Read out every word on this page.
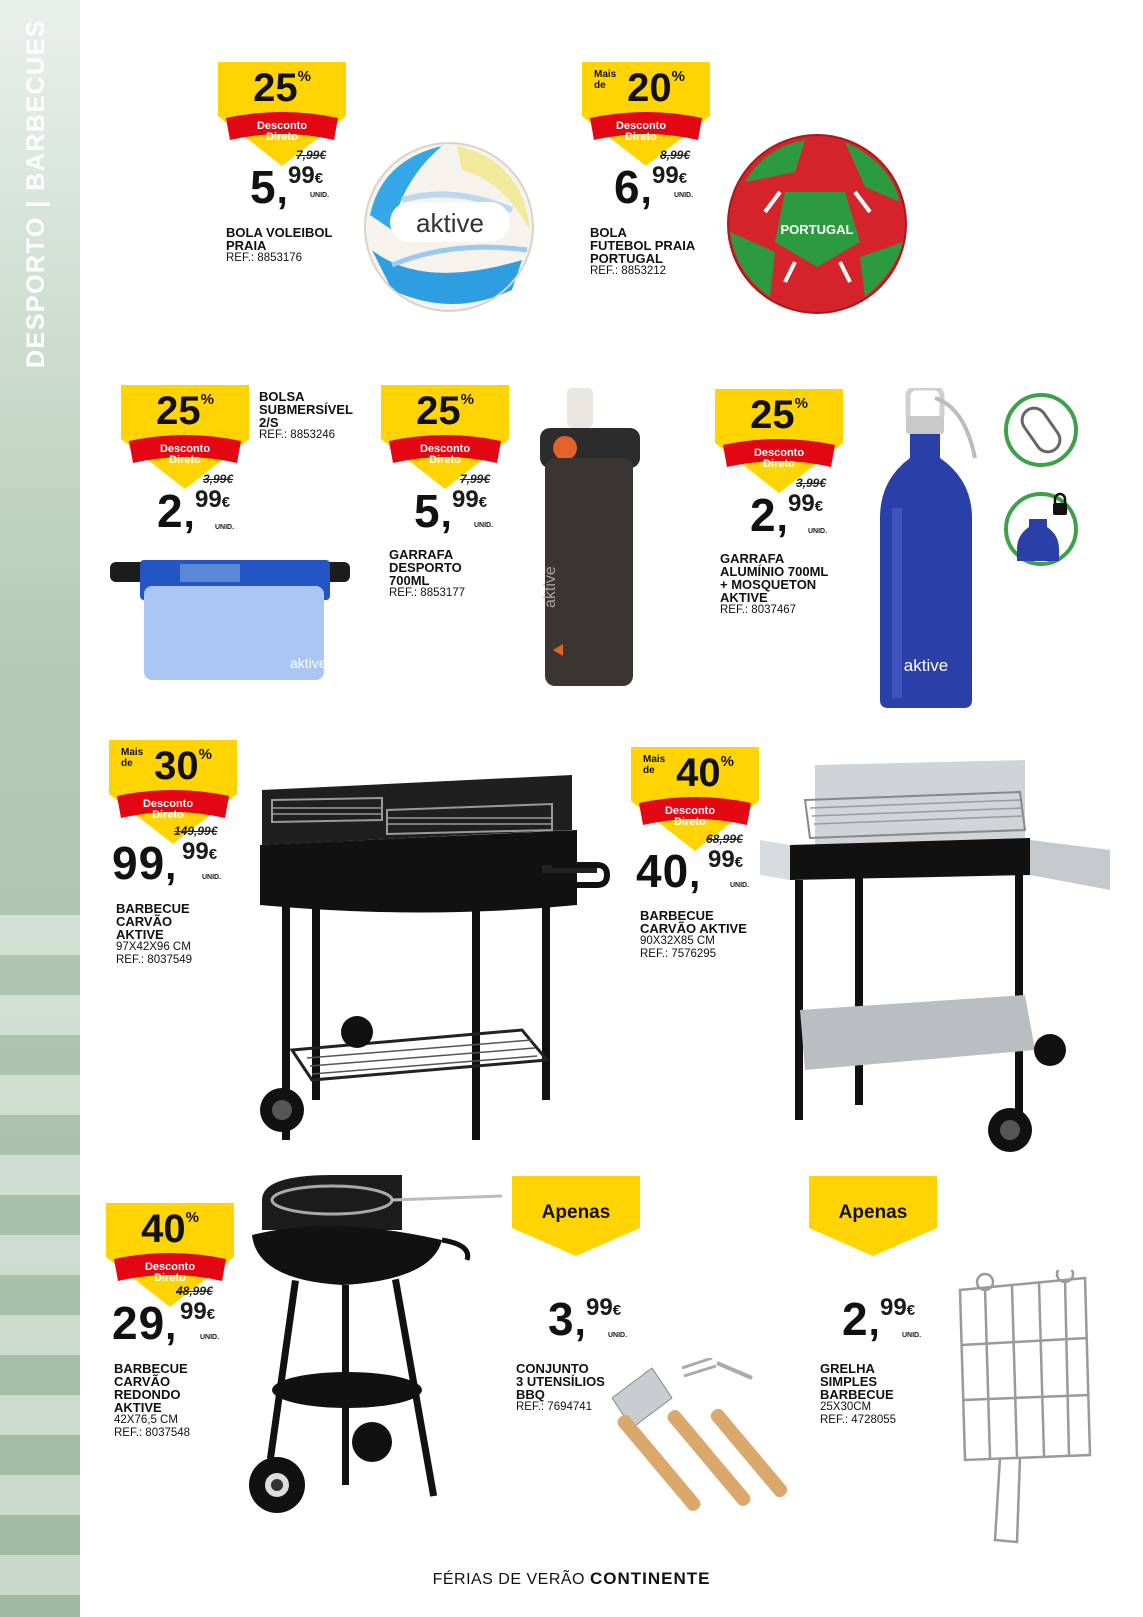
DESPORTO | BARBECUES	25%
Desconto
Direto
7,99€
5, 99€
UNID.
BOLA VOLEIBOL
PRAIA
REF.: 8853176
aktive
Mais
de 20%
Desconto
Direto
8,99€
6, 99€
UNID.
BOLA
FUTEBOL PRAIA
PORTUGAL
REF.: 8853212
PORTUGAL
25%
Desconto
Direto
BOLSA
SUBMERSÍVEL
2/S
REF.: 8853246
3,99€
2, 99€
UNID.
aktive
25%
Desconto
Direto
7,99€
5, 99€
UNID.
GARRAFA
DESPORTO
700ML
REF.: 8853177	aktive
25%
Desconto
Direto
3,99€
2, 99€
UNID.
GARRAFA
ALUMÍNIO 700ML
+ MOSQUETON
AKTIVE
REF.: 8037467
aktive
Mais
de 30%
Desconto
Direto
149,99€
99, 99€
UNID.
BARBECUE
CARVÃO
AKTIVE
97X42X96 CM
REF.: 8037549
Mais
de 40%
Desconto
Direto
68,99€
40, 99€
UNID.
BARBECUE
CARVÃO AKTIVE
90X32X85 CM
REF.: 7576295
40%
Desconto
Direto
48,99€
29, 99€
UNID.
BARBECUE
CARVÃO
REDONDO
AKTIVE
42X76,5 CM
REF.: 8037548
Apenas
3, 99€
UNID.
CONJUNTO
3 UTENSÍLIOS
BBQ
REF.: 7694741
Apenas
2, 99€
UNID.
GRELHA
SIMPLES
BARBECUE
25X30CM
REF.: 4728055
FÉRIAS DE VERÃO CONTINENTE
